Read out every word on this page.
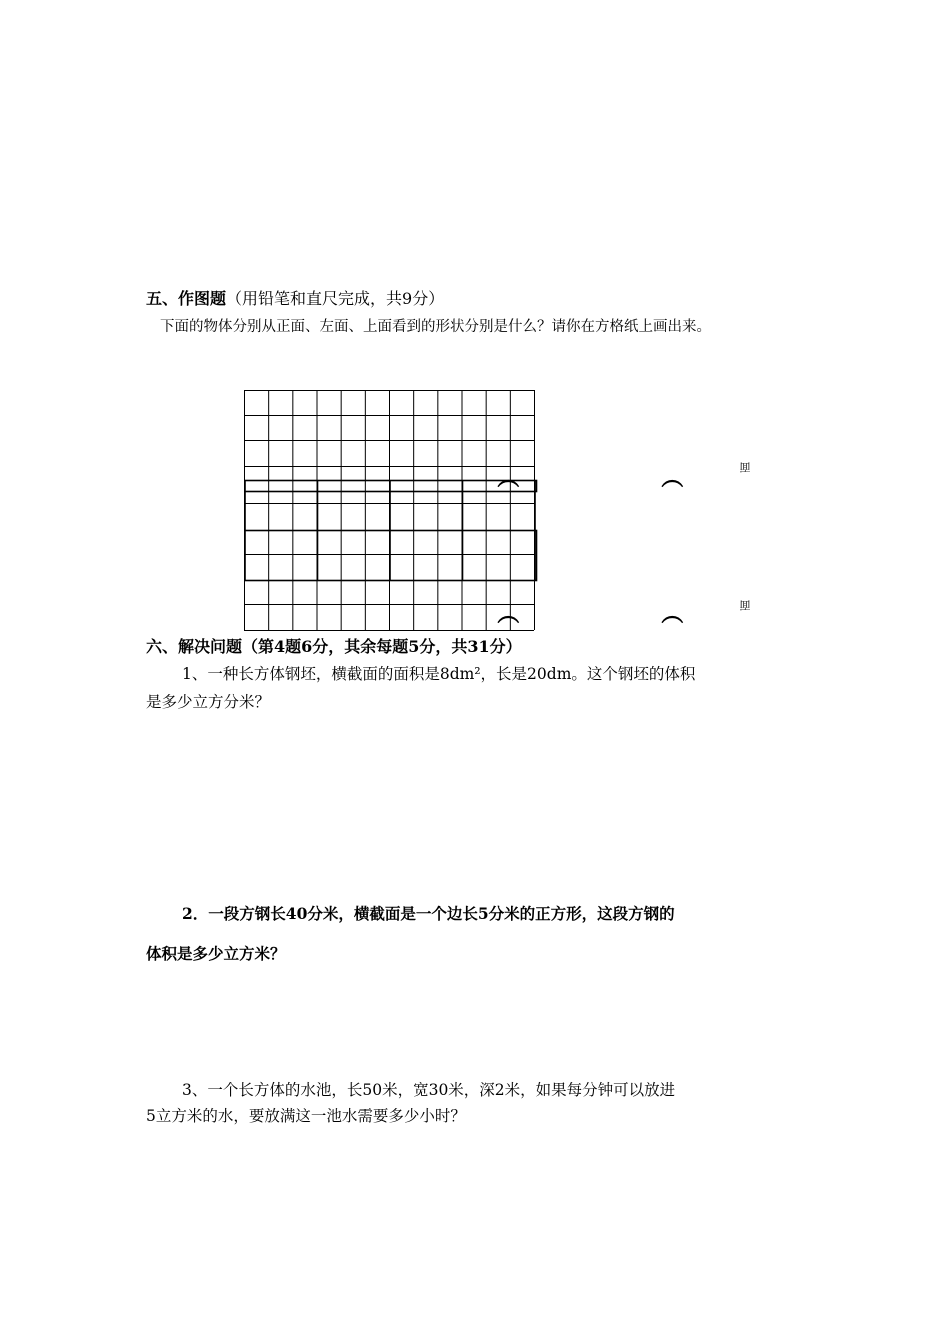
五、作图题（用铅笔和直尺完成，共9分）
下面的物体分别从正面、左面、上面看到的形状分别是什么？请你在方格纸上画出来。
（
（
（
（
面
面
六、解决问题（第4题6分，其余每题5分，共31分）
1、一种长方体钢坯，横截面的面积是8dm²，长是20dm。这个钢坯的体积
是多少立方分米？
2．一段方钢长40分米，横截面是一个边长5分米的正方形，这段方钢的
体积是多少立方米？
3、一个长方体的水池，长50米，宽30米，深2米，如果每分钟可以放进
5立方米的水，要放满这一池水需要多少小时？
